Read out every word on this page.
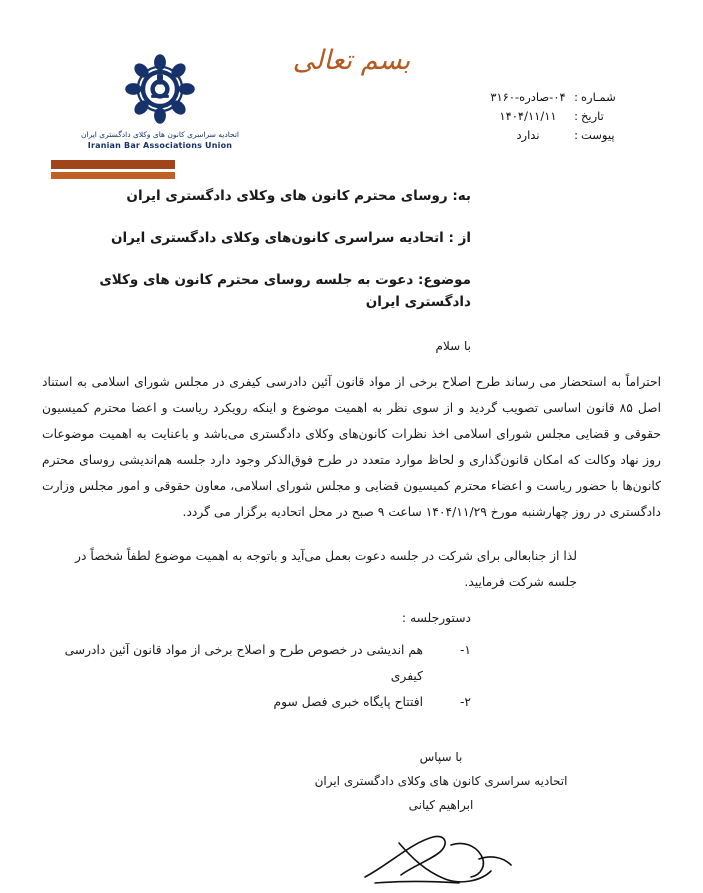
بسم تعالی
شمـاره
:
۰۴-صادره-۳۱۶۰
تاریخ
:
۱۴۰۴/۱۱/۱۱
پیوست
:
ندارد
اتحادیه سراسری کانون های وکلای دادگستری ایران
Iranian Bar Associations Union

به: روسای محترم کانون های وکلای دادگستری ایران

از : اتحادیه سراسری کانون‌های وکلای دادگستری ایران

موضوع: دعوت به جلسه روسای محترم کانون های وکلای دادگستری ایران

با سلام

احتراماً به استحضار می رساند طرح اصلاح برخی از مواد قانون آئین دادرسی کیفری در مجلس شورای اسلامی به استناد اصل ۸۵ قانون اساسی تصویب گردید و از سوی نظر به اهمیت موضوع و اینکه رویکرد ریاست و اعضا محترم کمیسیون حقوقی و قضایی مجلس شورای اسلامی اخذ نظرات کانون‌های وکلای دادگستری می‌باشد و باعنایت به اهمیت موضوعات روز نهاد وکالت که امکان قانون‌گذاری و لحاظ موارد متعدد در طرح فوق‌الذکر وجود دارد جلسه هم‌اندیشی روسای محترم کانون‌ها با حضور ریاست و اعضاء محترم کمیسیون قضایی و مجلس شورای اسلامی، معاون حقوقی و امور مجلس وزارت دادگستری در روز چهارشنبه مورخ ۱۴۰۴/۱۱/۲۹ ساعت ۹ صبح در محل اتحادیه برگزار می گردد.

لذا از جنابعالی برای شرکت در جلسه دعوت بعمل می‌آید و باتوجه به اهمیت موضوع لطفاً شخصاً در جلسه شرکت فرمایید.

دستورجلسه :

۱-
هم اندیشی در خصوص طرح و اصلاح برخی از مواد قانون آئین دادرسی کیفری
۲-
افتتاح پایگاه خبری فصل سوم
با سپاس
اتحادیه سراسری کانون های وکلای دادگستری ایران
ابراهیم کیانی
